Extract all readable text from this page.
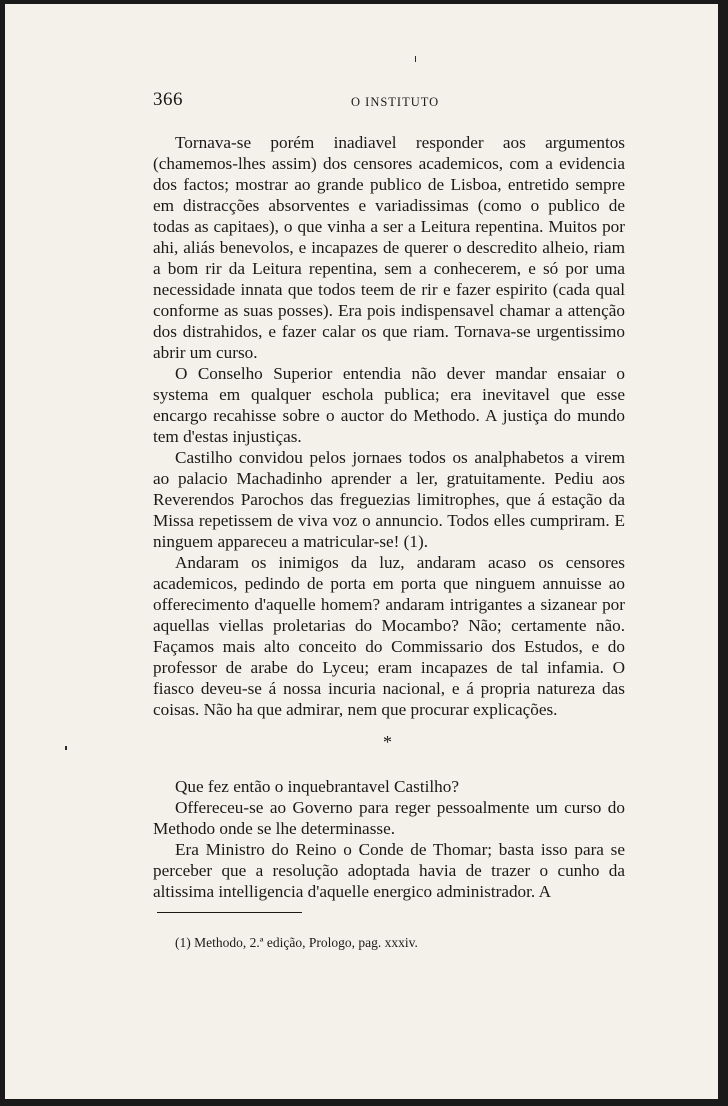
366	O INSTITUTO

Tornava-se porém inadiavel responder aos argumentos (chamemos-lhes assim) dos censores academicos, com a evidencia dos factos; mostrar ao grande publico de Lisboa, entretido sempre em distracções absorventes e variadissimas (como o publico de todas as capitaes), o que vinha a ser a Leitura repentina. Muitos por ahi, aliás benevolos, e incapazes de querer o descredito alheio, riam a bom rir da Leitura repentina, sem a conhecerem, e só por uma necessidade innata que todos teem de rir e fazer espirito (cada qual conforme as suas posses). Era pois indispensavel chamar a attenção dos distrahidos, e fazer calar os que riam. Tornava-se urgentissimo abrir um curso.

O Conselho Superior entendia não dever mandar ensaiar o systema em qualquer eschola publica; era inevitavel que esse encargo recahisse sobre o auctor do Methodo. A justiça do mundo tem d'estas injustiças.

Castilho convidou pelos jornaes todos os analphabetos a virem ao palacio Machadinho aprender a ler, gratuitamente. Pediu aos Reverendos Parochos das freguezias limitrophes, que á estação da Missa repetissem de viva voz o annuncio. Todos elles cumpriram. E ninguem appareceu a matricular-se! (1).

Andaram os inimigos da luz, andaram acaso os censores academicos, pedindo de porta em porta que ninguem annuisse ao offerecimento d'aquelle homem? andaram intrigantes a sizanear por aquellas viellas proletarias do Mocambo? Não; certamente não. Façamos mais alto conceito do Commissario dos Estudos, e do professor de arabe do Lyceu; eram incapazes de tal infamia. O fiasco deveu-se á nossa incuria nacional, e á propria natureza das coisas. Não ha que admirar, nem que procurar explicações.

*

Que fez então o inquebrantavel Castilho?

Offereceu-se ao Governo para reger pessoalmente um curso do Methodo onde se lhe determinasse.

Era Ministro do Reino o Conde de Thomar; basta isso para se perceber que a resolução adoptada havia de trazer o cunho da altissima intelligencia d'aquelle energico administrador. A

(1) Methodo, 2.ª edição, Prologo, pag. xxxiv.
